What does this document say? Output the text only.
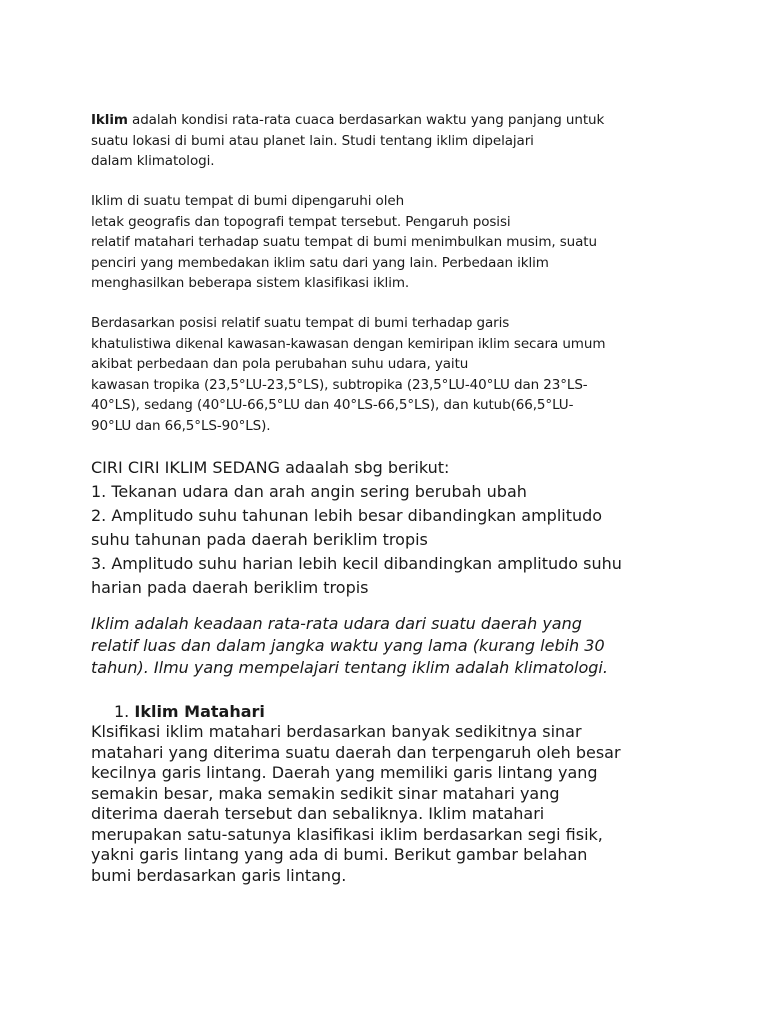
Iklim adalah kondisi rata-rata cuaca berdasarkan waktu yang panjang untuk
suatu lokasi di bumi atau planet lain. Studi tentang iklim dipelajari
dalam klimatologi.
Iklim di suatu tempat di bumi dipengaruhi oleh
letak geografis dan topografi tempat tersebut. Pengaruh posisi
relatif matahari terhadap suatu tempat di bumi menimbulkan musim, suatu
penciri yang membedakan iklim satu dari yang lain. Perbedaan iklim
menghasilkan beberapa sistem klasifikasi iklim.
Berdasarkan posisi relatif suatu tempat di bumi terhadap garis
khatulistiwa dikenal kawasan-kawasan dengan kemiripan iklim secara umum
akibat perbedaan dan pola perubahan suhu udara, yaitu
kawasan tropika (23,5°LU-23,5°LS), subtropika (23,5°LU-40°LU dan 23°LS-
40°LS), sedang (40°LU-66,5°LU dan 40°LS-66,5°LS), dan kutub(66,5°LU-
90°LU dan 66,5°LS-90°LS).
CIRI CIRI IKLIM SEDANG adaalah sbg berikut:
1. Tekanan udara dan arah angin sering berubah ubah
2. Amplitudo suhu tahunan lebih besar dibandingkan amplitudo
suhu tahunan pada daerah beriklim tropis
3. Amplitudo suhu harian lebih kecil dibandingkan amplitudo suhu
harian pada daerah beriklim tropis
Iklim adalah keadaan rata-rata udara dari suatu daerah yang
relatif luas dan dalam jangka waktu yang lama (kurang lebih 30
tahun). Ilmu yang mempelajari tentang iklim adalah klimatologi.
1. Iklim Matahari
Klsifikasi iklim matahari berdasarkan banyak sedikitnya sinar
matahari yang diterima suatu daerah dan terpengaruh oleh besar
kecilnya garis lintang. Daerah yang memiliki garis lintang yang
semakin besar, maka semakin sedikit sinar matahari yang
diterima daerah tersebut dan sebaliknya. Iklim matahari
merupakan satu-satunya klasifikasi iklim berdasarkan segi fisik,
yakni garis lintang yang ada di bumi. Berikut gambar belahan
bumi berdasarkan garis lintang.
